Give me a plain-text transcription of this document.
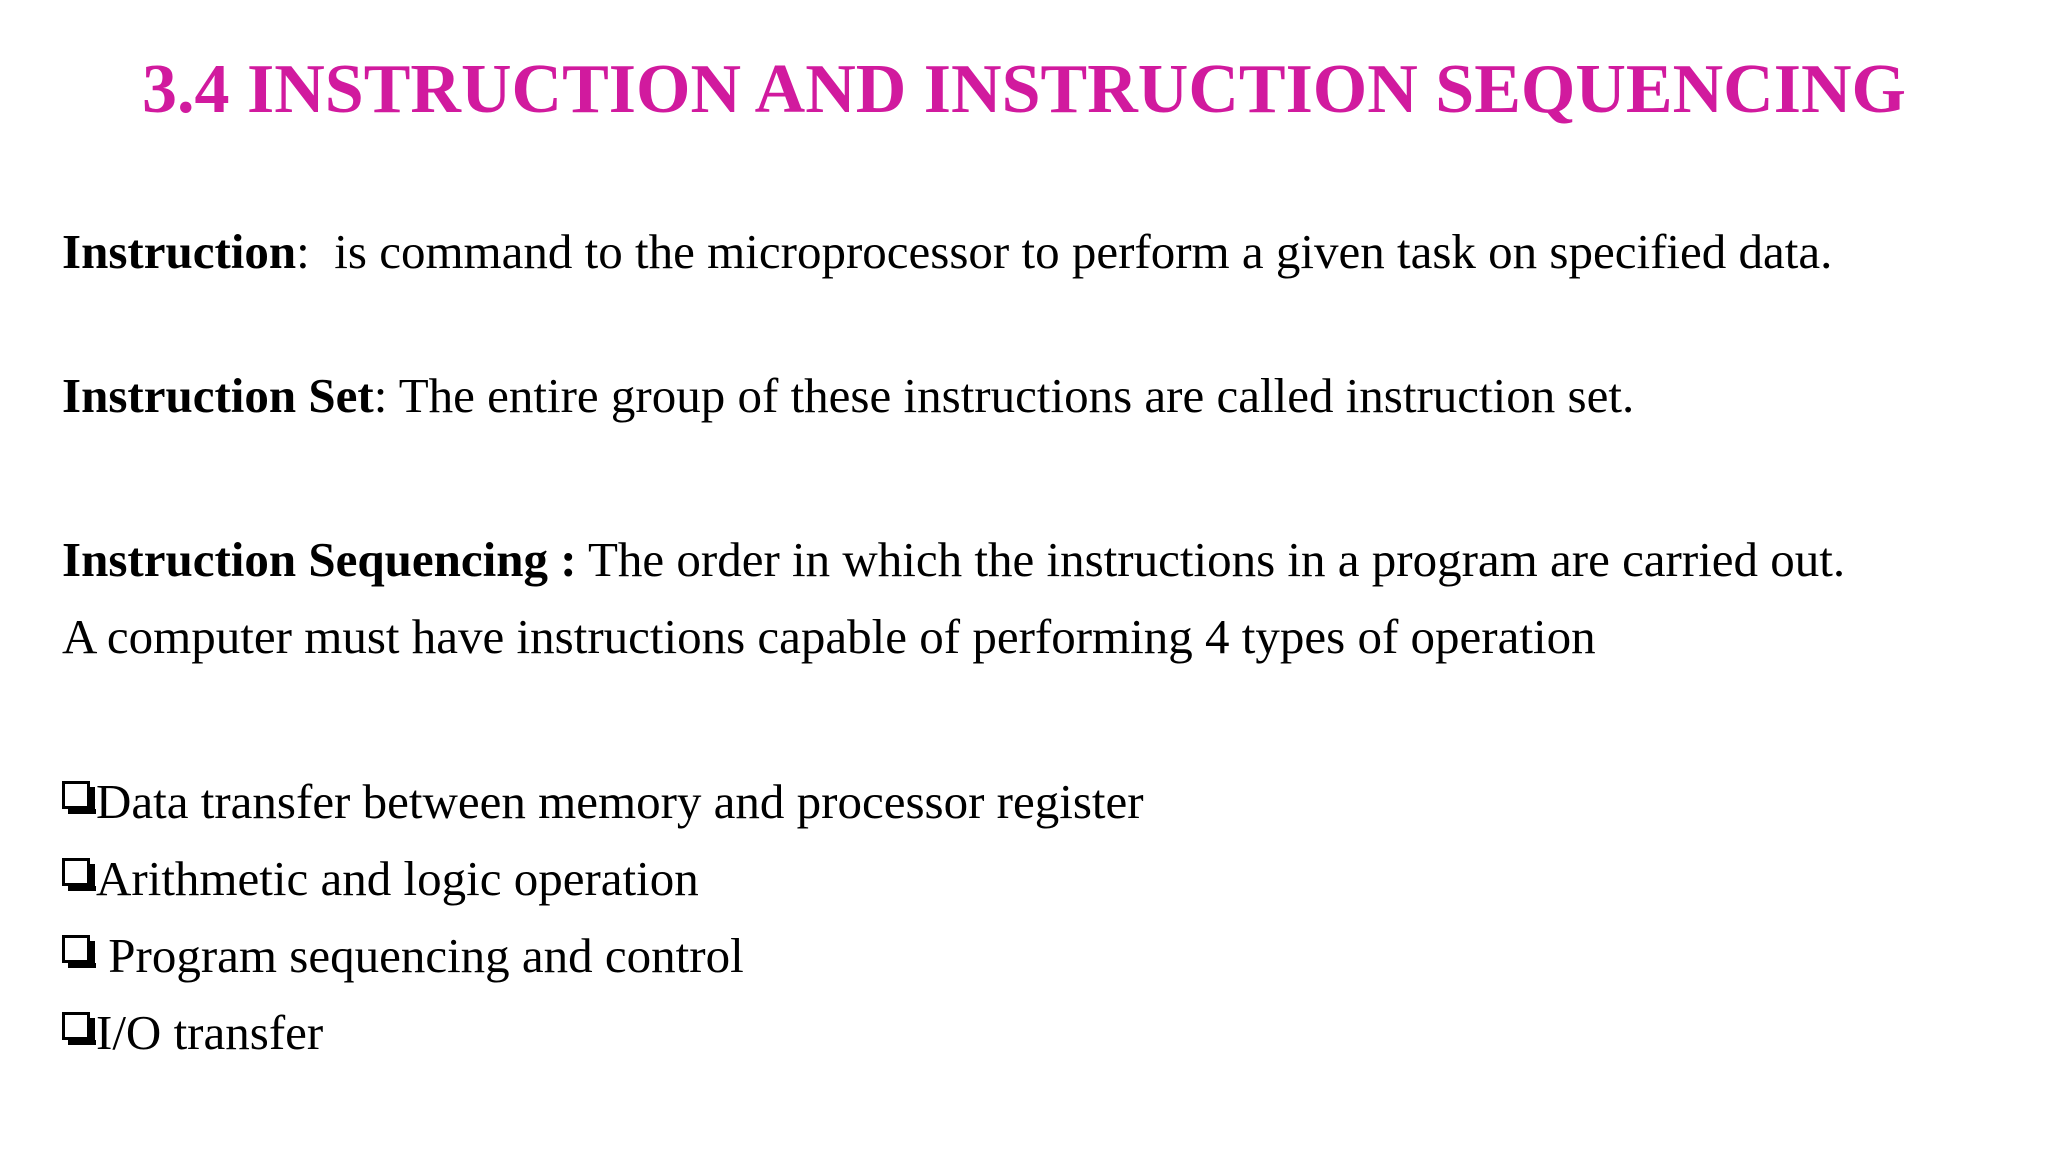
3.4 INSTRUCTION AND INSTRUCTION SEQUENCING
Instruction:  is command to the microprocessor to perform a given task on specified data.
Instruction Set: The entire group of these instructions are called instruction set.
Instruction Sequencing : The order in which the instructions in a program are carried out.
A computer must have instructions capable of performing 4 types of operation
Data transfer between memory and processor register
Arithmetic and logic operation
Program sequencing and control
I/O transfer
